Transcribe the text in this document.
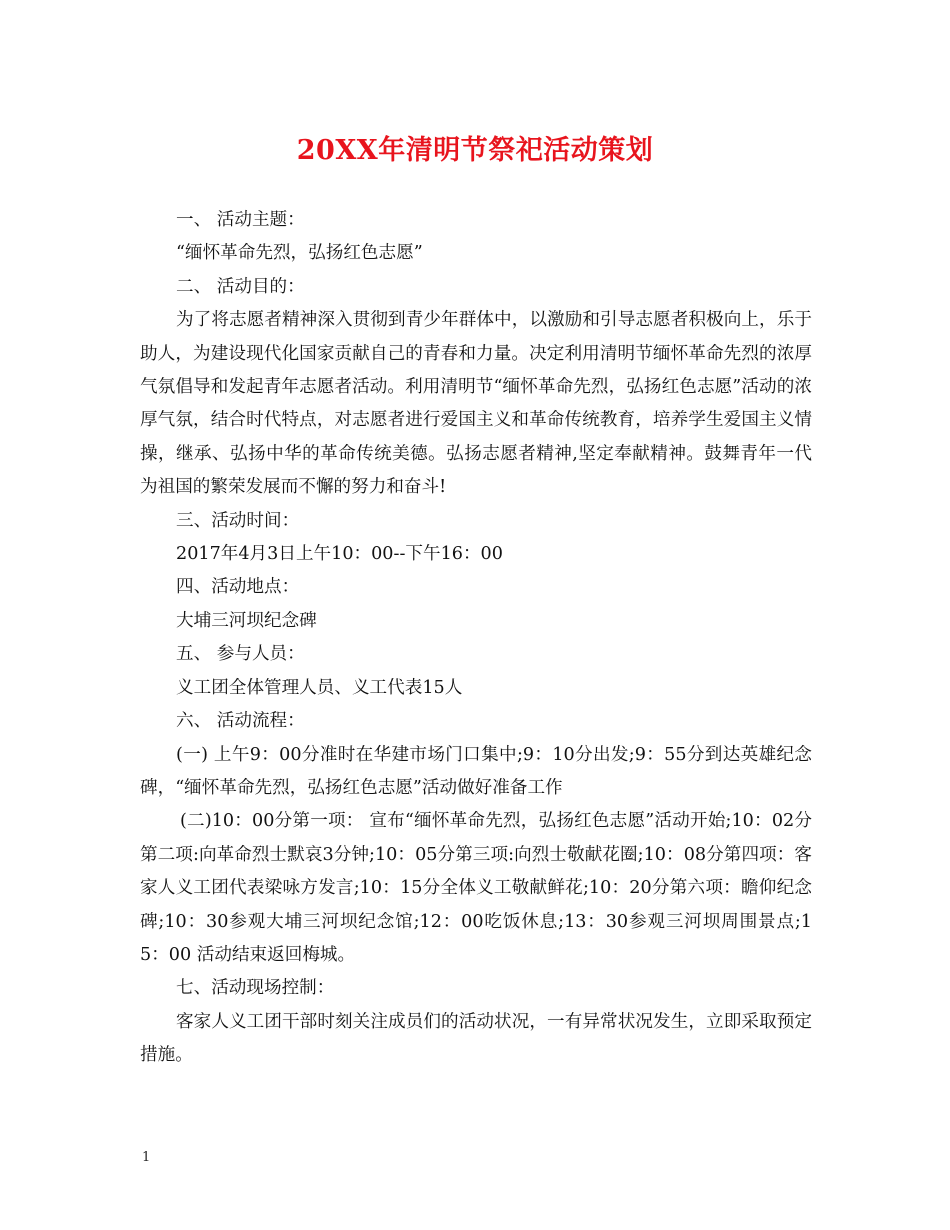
20XX年清明节祭祀活动策划
一、 活动主题：
“缅怀革命先烈，弘扬红色志愿”
二、 活动目的：
为了将志愿者精神深入贯彻到青少年群体中，以激励和引导志愿者积极向上，乐于助人，为建设现代化国家贡献自己的青春和力量。决定利用清明节缅怀革命先烈的浓厚气氛倡导和发起青年志愿者活动。利用清明节“缅怀革命先烈，弘扬红色志愿”活动的浓厚气氛，结合时代特点，对志愿者进行爱国主义和革命传统教育，培养学生爱国主义情操，继承、弘扬中华的革命传统美德。弘扬志愿者精神,坚定奉献精神。鼓舞青年一代为祖国的繁荣发展而不懈的努力和奋斗!
三、活动时间：
2017年4月3日上午10：00--下午16：00
四、活动地点：
大埔三河坝纪念碑
五、 参与人员：
义工团全体管理人员、义工代表15人
六、 活动流程：
(一) 上午9：00分准时在华建市场门口集中;9：10分出发;9：55分到达英雄纪念碑，“缅怀革命先烈，弘扬红色志愿”活动做好准备工作
(二)10：00分第一项： 宣布“缅怀革命先烈，弘扬红色志愿”活动开始;10：02分第二项:向革命烈士默哀3分钟;10：05分第三项:向烈士敬献花圈;10：08分第四项：客家人义工团代表梁咏方发言;10：15分全体义工敬献鲜花;10：20分第六项：瞻仰纪念碑;10：30参观大埔三河坝纪念馆;12：00吃饭休息;13：30参观三河坝周围景点;15：00 活动结束返回梅城。
七、活动现场控制：
客家人义工团干部时刻关注成员们的活动状况，一有异常状况发生，立即采取预定措施。
1
